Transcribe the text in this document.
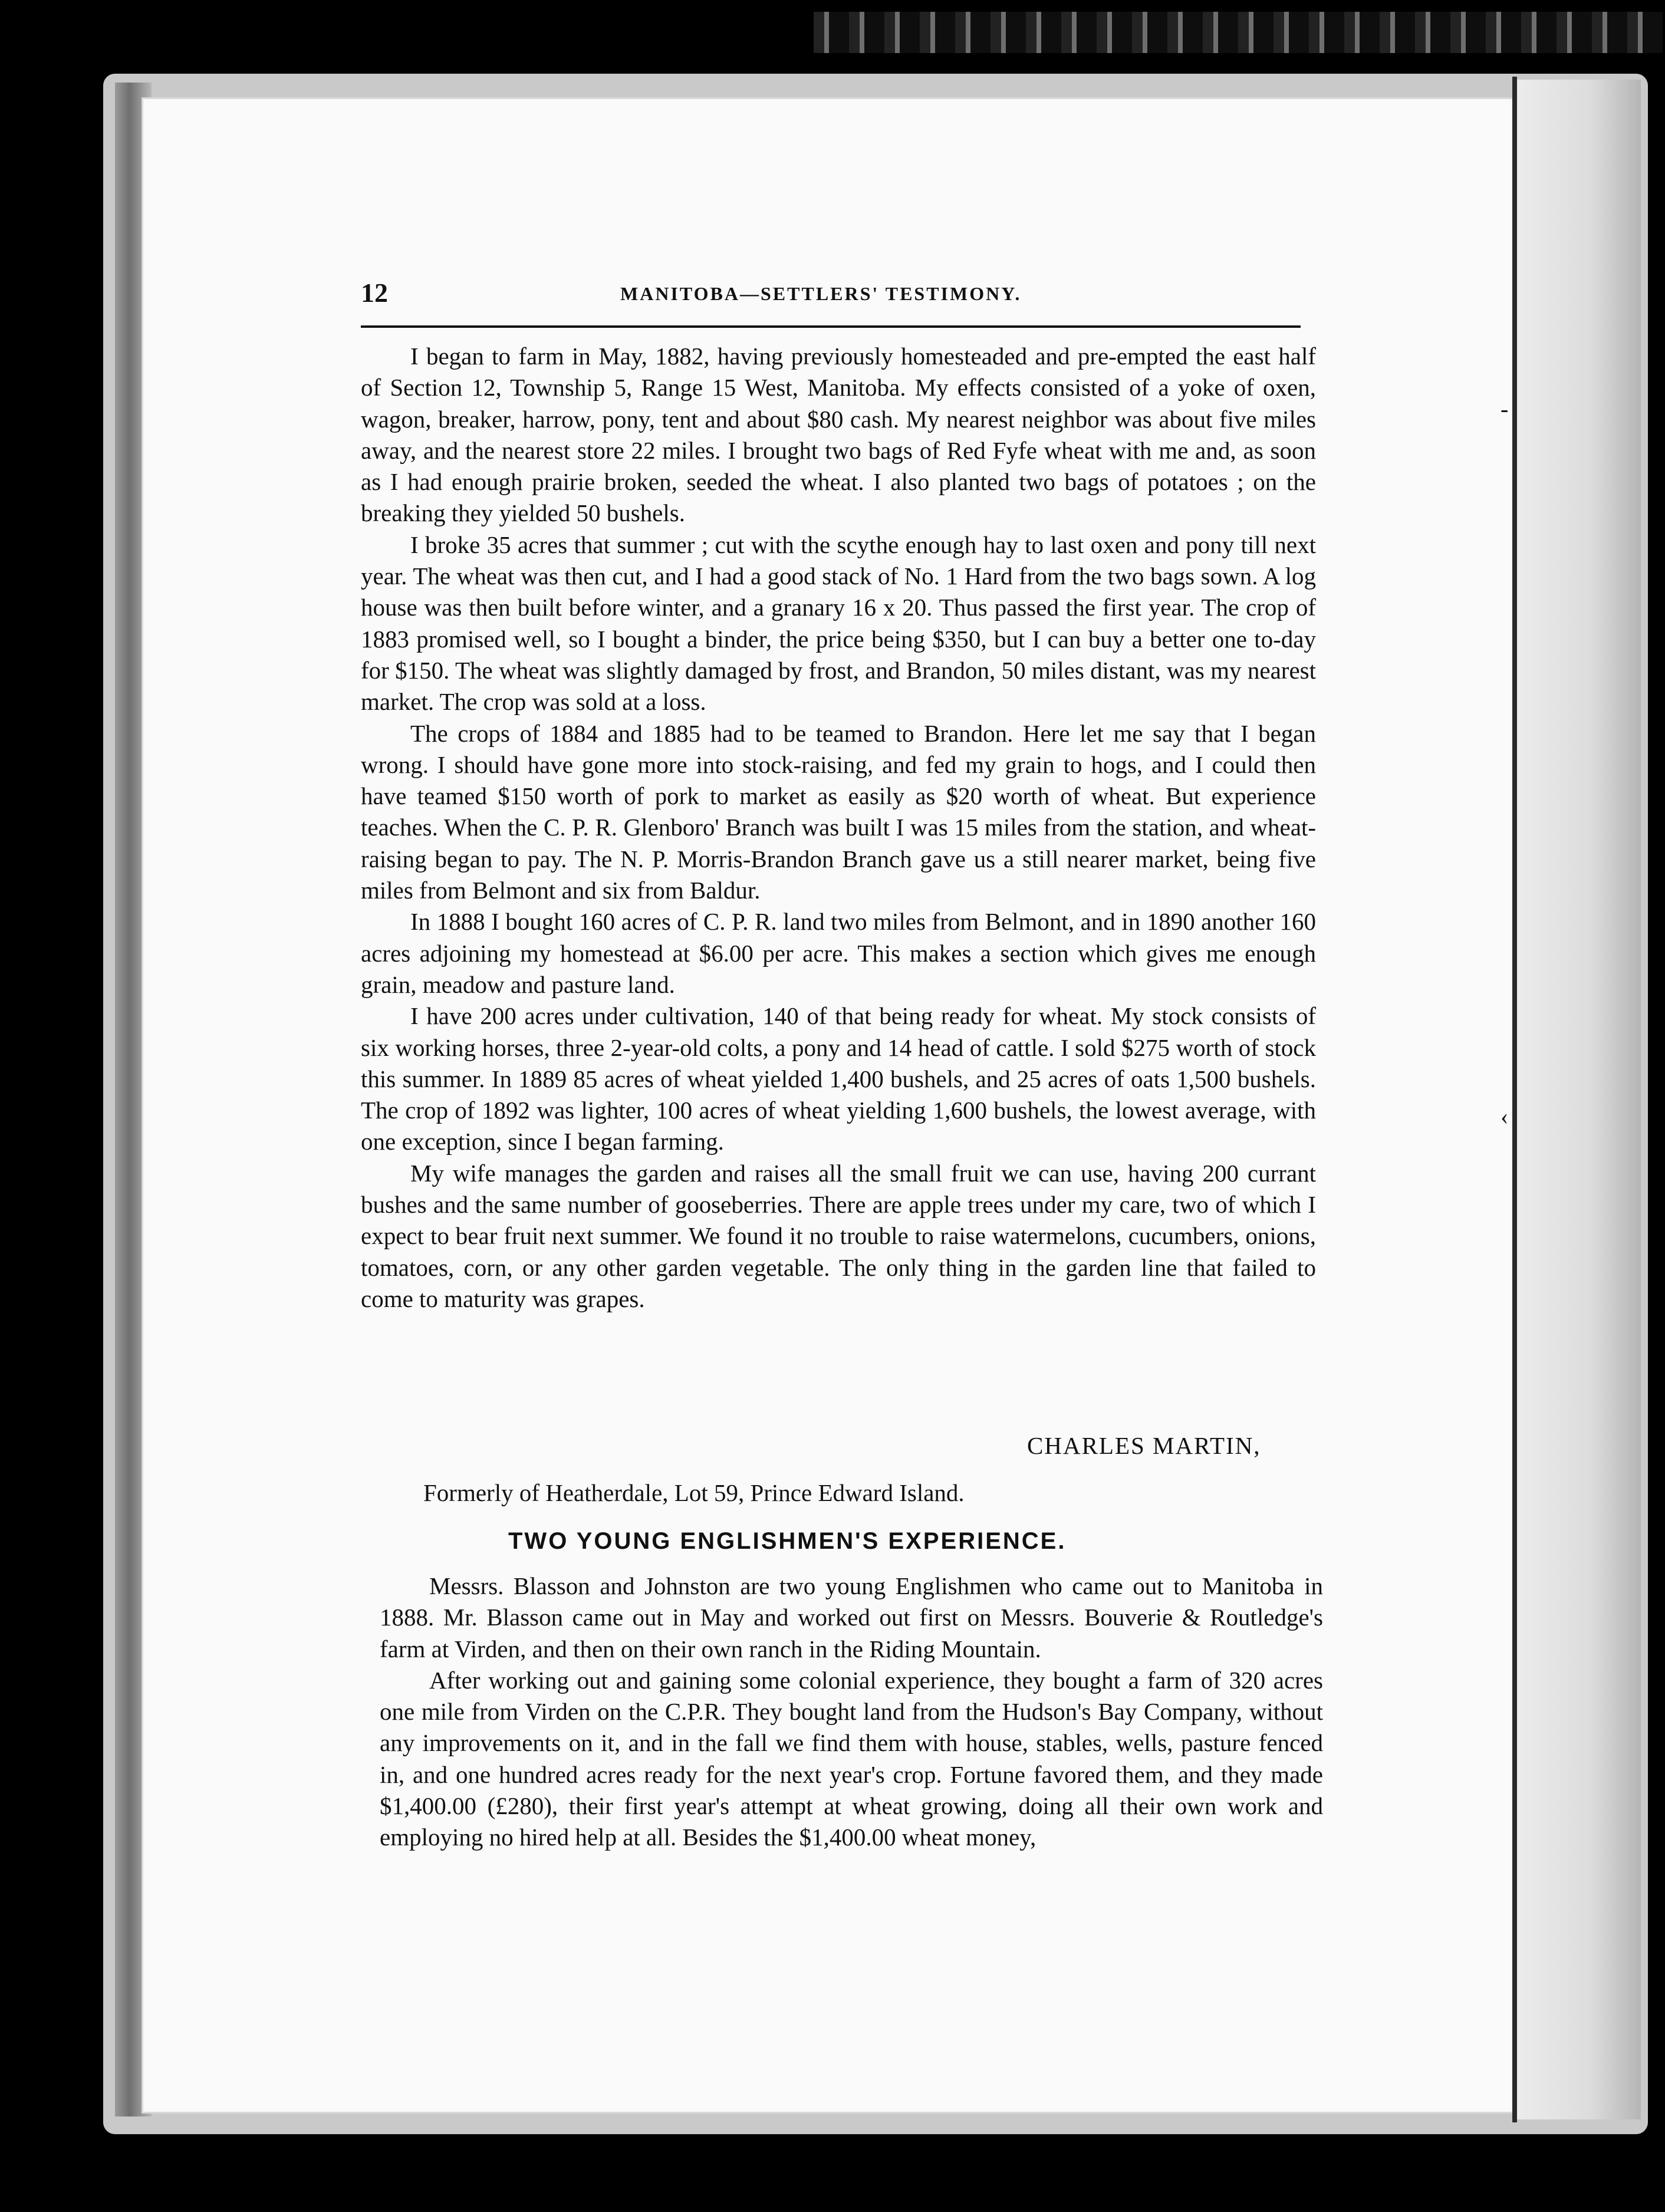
‑
‹
12	MANITOBA—SETTLERS' TESTIMONY.

I began to farm in May, 1882, having previously homesteaded and pre-empted the east half of Section 12, Township 5, Range 15 West, Manitoba. My effects consisted of a yoke of oxen, wagon, breaker, harrow, pony, tent and about $80 cash. My nearest neighbor was about five miles away, and the nearest store 22 miles. I brought two bags of Red Fyfe wheat with me and, as soon as I had enough prairie broken, seeded the wheat. I also planted two bags of potatoes ; on the breaking they yielded 50 bushels.

I broke 35 acres that summer ; cut with the scythe enough hay to last oxen and pony till next year. The wheat was then cut, and I had a good stack of No. 1 Hard from the two bags sown. A log house was then built before winter, and a granary 16 x 20. Thus passed the first year. The crop of 1883 promised well, so I bought a binder, the price being $350, but I can buy a better one to-day for $150. The wheat was slightly damaged by frost, and Brandon, 50 miles distant, was my nearest market. The crop was sold at a loss.

The crops of 1884 and 1885 had to be teamed to Brandon. Here let me say that I began wrong. I should have gone more into stock-raising, and fed my grain to hogs, and I could then have teamed $150 worth of pork to market as easily as $20 worth of wheat. But experience teaches. When the C. P. R. Glenboro' Branch was built I was 15 miles from the station, and wheat-raising began to pay. The N. P. Morris-Brandon Branch gave us a still nearer market, being five miles from Belmont and six from Baldur.

In 1888 I bought 160 acres of C. P. R. land two miles from Belmont, and in 1890 another 160 acres adjoining my homestead at $6.00 per acre. This makes a section which gives me enough grain, meadow and pasture land.

I have 200 acres under cultivation, 140 of that being ready for wheat. My stock consists of six working horses, three 2-year-old colts, a pony and 14 head of cattle. I sold $275 worth of stock this summer. In 1889 85 acres of wheat yielded 1,400 bushels, and 25 acres of oats 1,500 bushels. The crop of 1892 was lighter, 100 acres of wheat yielding 1,600 bushels, the lowest average, with one exception, since I began farming.

My wife manages the garden and raises all the small fruit we can use, having 200 currant bushes and the same number of gooseberries. There are apple trees under my care, two of which I expect to bear fruit next summer. We found it no trouble to raise watermelons, cucumbers, onions, tomatoes, corn, or any other garden vegetable. The only thing in the garden line that failed to come to maturity was grapes.

CHARLES MARTIN,
Formerly of Heatherdale, Lot 59, Prince Edward Island.
TWO YOUNG ENGLISHMEN'S EXPERIENCE.

Messrs. Blasson and Johnston are two young Englishmen who came out to Manitoba in 1888. Mr. Blasson came out in May and worked out first on Messrs. Bouverie & Routledge's farm at Virden, and then on their own ranch in the Riding Mountain.

After working out and gaining some colonial experience, they bought a farm of 320 acres one mile from Virden on the C.P.R. They bought land from the Hudson's Bay Company, without any improvements on it, and in the fall we find them with house, stables, wells, pasture fenced in, and one hundred acres ready for the next year's crop. Fortune favored them, and they made $1,400.00 (£280), their first year's attempt at wheat growing, doing all their own work and employing no hired help at all. Besides the $1,400.00 wheat money,
